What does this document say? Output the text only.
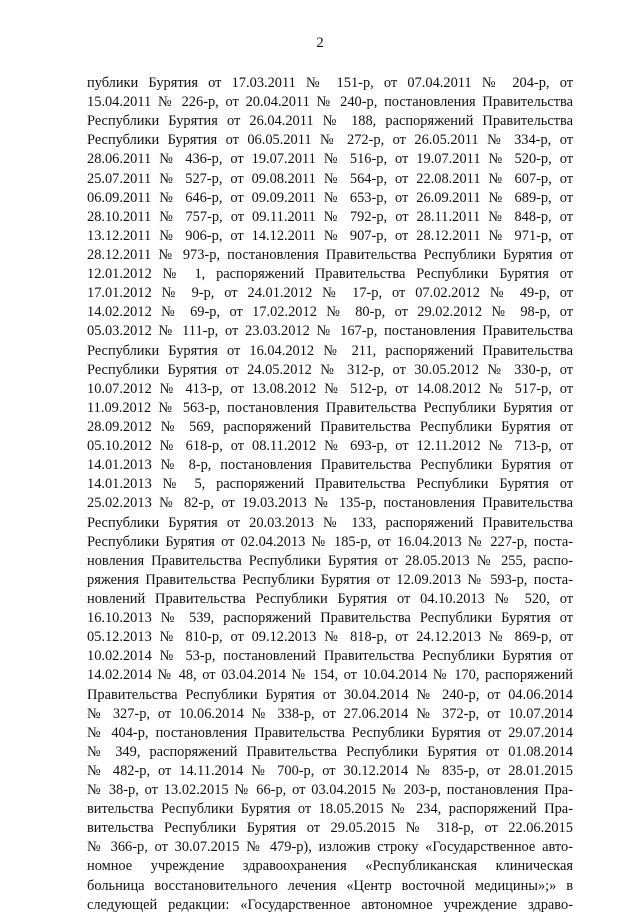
2
публики Бурятия от 17.03.2011 № 151-р, от 07.04.2011 № 204-р, от
15.04.2011 № 226-р, от 20.04.2011 № 240-р, постановления Правительства
Республики Бурятия от 26.04.2011 № 188, распоряжений Правительства
Республики Бурятия от 06.05.2011 № 272-р, от 26.05.2011 № 334-р, от
28.06.2011 № 436-р, от 19.07.2011 № 516-р, от 19.07.2011 № 520-р, от
25.07.2011 № 527-р, от 09.08.2011 № 564-р, от 22.08.2011 № 607-р, от
06.09.2011 № 646-р, от 09.09.2011 № 653-р, от 26.09.2011 № 689-р, от
28.10.2011 № 757-р, от 09.11.2011 № 792-р, от 28.11.2011 № 848-р, от
13.12.2011 № 906-р, от 14.12.2011 № 907-р, от 28.12.2011 № 971-р, от
28.12.2011 № 973-р, постановления Правительства Республики Бурятия от
12.01.2012 № 1, распоряжений Правительства Республики Бурятия от
17.01.2012 № 9-р, от 24.01.2012 № 17-р, от 07.02.2012 № 49-р, от
14.02.2012 № 69-р, от 17.02.2012 № 80-р, от 29.02.2012 № 98-р, от
05.03.2012 № 111-р, от 23.03.2012 № 167-р, постановления Правительства
Республики Бурятия от 16.04.2012 № 211, распоряжений Правительства
Республики Бурятия от 24.05.2012 № 312-р, от 30.05.2012 № 330-р, от
10.07.2012 № 413-р, от 13.08.2012 № 512-р, от 14.08.2012 № 517-р, от
11.09.2012 № 563-р, постановления Правительства Республики Бурятия от
28.09.2012 № 569, распоряжений Правительства Республики Бурятия от
05.10.2012 № 618-р, от 08.11.2012 № 693-р, от 12.11.2012 № 713-р, от
14.01.2013 № 8-р, постановления Правительства Республики Бурятия от
14.01.2013 № 5, распоряжений Правительства Республики Бурятия от
25.02.2013 № 82-р, от 19.03.2013 № 135-р, постановления Правительства
Республики Бурятия от 20.03.2013 № 133, распоряжений Правительства
Республики Бурятия от 02.04.2013 № 185-р, от 16.04.2013 № 227-р, поста-
новления Правительства Республики Бурятия от 28.05.2013 № 255, распо-
ряжения Правительства Республики Бурятия от 12.09.2013 № 593-р, поста-
новлений Правительства Республики Бурятия от 04.10.2013 № 520, от
16.10.2013 № 539, распоряжений Правительства Республики Бурятия от
05.12.2013 № 810-р, от 09.12.2013 № 818-р, от 24.12.2013 № 869-р, от
10.02.2014 № 53-р, постановлений Правительства Республики Бурятия от
14.02.2014 № 48, от 03.04.2014 № 154, от 10.04.2014 № 170, распоряжений
Правительства Республики Бурятия от 30.04.2014 № 240-р, от 04.06.2014
№ 327-р, от 10.06.2014 № 338-р, от 27.06.2014 № 372-р, от 10.07.2014
№ 404-р, постановления Правительства Республики Бурятия от 29.07.2014
№ 349, распоряжений Правительства Республики Бурятия от 01.08.2014
№ 482-р, от 14.11.2014 № 700-р, от 30.12.2014 № 835-р, от 28.01.2015
№ 38-р, от 13.02.2015 № 66-р, от 03.04.2015 № 203-р, постановления Пра-
вительства Республики Бурятия от 18.05.2015 № 234, распоряжений Пра-
вительства Республики Бурятия от 29.05.2015 № 318-р, от 22.06.2015
№ 366-р, от 30.07.2015 № 479-р), изложив строку «Государственное авто-
номное учреждение здравоохранения «Республиканская клиническая
больница восстановительного лечения «Центр восточной медицины»;» в
следующей редакции: «Государственное автономное учреждение здраво-
